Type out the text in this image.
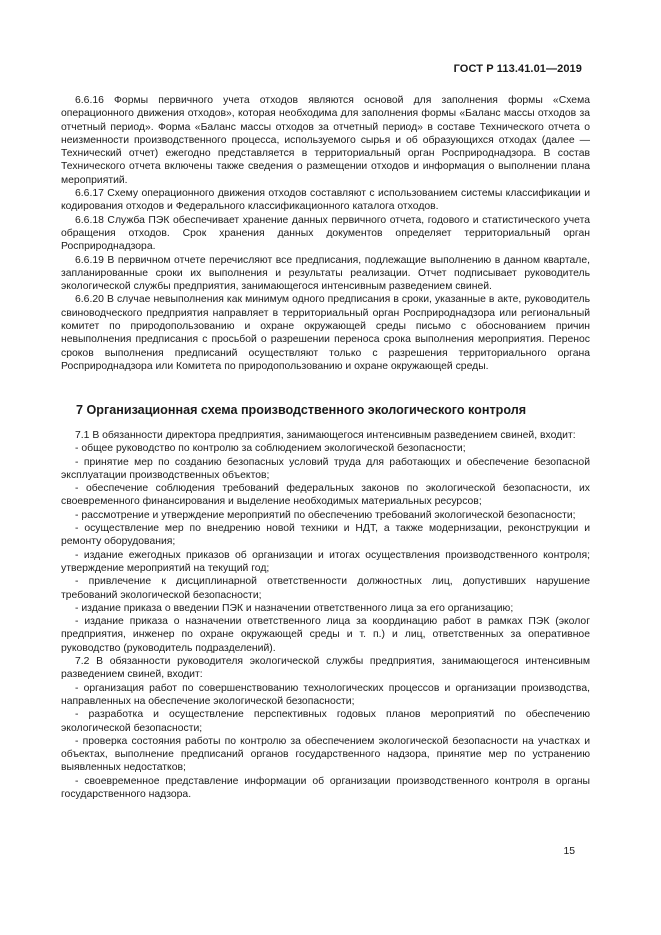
ГОСТ Р 113.41.01—2019

6.6.16 Формы первичного учета отходов являются основой для заполнения формы «Схема операционного движения отходов», которая необходима для заполнения формы «Баланс массы отходов за отчетный период». Форма «Баланс массы отходов за отчетный период» в составе Технического отчета о неизменности производственного процесса, используемого сырья и об образующихся отходах (далее — Технический отчет) ежегодно представляется в территориальный орган Росприроднадзора. В состав Технического отчета включены также сведения о размещении отходов и информация о выполнении плана мероприятий.

6.6.17 Схему операционного движения отходов составляют с использованием системы классификации и кодирования отходов и Федерального классификационного каталога отходов.

6.6.18 Служба ПЭК обеспечивает хранение данных первичного отчета, годового и статистического учета обращения отходов. Срок хранения данных документов определяет территориальный орган Росприроднадзора.

6.6.19 В первичном отчете перечисляют все предписания, подлежащие выполнению в данном квартале, запланированные сроки их выполнения и результаты реализации. Отчет подписывает руководитель экологической службы предприятия, занимающегося интенсивным разведением свиней.

6.6.20 В случае невыполнения как минимум одного предписания в сроки, указанные в акте, руководитель свиноводческого предприятия направляет в территориальный орган Росприроднадзора или региональный комитет по природопользованию и охране окружающей среды письмо с обоснованием причин невыполнения предписания с просьбой о разрешении переноса срока выполнения мероприятия. Перенос сроков выполнения предписаний осуществляют только с разрешения территориального органа Росприроднадзора или Комитета по природопользованию и охране окружающей среды.

7 Организационная схема производственного экологического контроля

7.1 В обязанности директора предприятия, занимающегося интенсивным разведением свиней, входит:

- общее руководство по контролю за соблюдением экологической безопасности;

- принятие мер по созданию безопасных условий труда для работающих и обеспечение безопасной эксплуатации производственных объектов;

- обеспечение соблюдения требований федеральных законов по экологической безопасности, их своевременного финансирования и выделение необходимых материальных ресурсов;

- рассмотрение и утверждение мероприятий по обеспечению требований экологической безопасности;

- осуществление мер по внедрению новой техники и НДТ, а также модернизации, реконструкции и ремонту оборудования;

- издание ежегодных приказов об организации и итогах осуществления производственного контроля; утверждение мероприятий на текущий год;

- привлечение к дисциплинарной ответственности должностных лиц, допустивших нарушение требований экологической безопасности;

- издание приказа о введении ПЭК и назначении ответственного лица за его организацию;

- издание приказа о назначении ответственного лица за координацию работ в рамках ПЭК (эколог предприятия, инженер по охране окружающей среды и т. п.) и лиц, ответственных за оперативное руководство (руководитель подразделений).

7.2 В обязанности руководителя экологической службы предприятия, занимающегося интенсивным разведением свиней, входит:

- организация работ по совершенствованию технологических процессов и организации производства, направленных на обеспечение экологической безопасности;

- разработка и осуществление перспективных годовых планов мероприятий по обеспечению экологической безопасности;

- проверка состояния работы по контролю за обеспечением экологической безопасности на участках и объектах, выполнение предписаний органов государственного надзора, принятие мер по устранению выявленных недостатков;

- своевременное представление информации об организации производственного контроля в органы государственного надзора.

15
